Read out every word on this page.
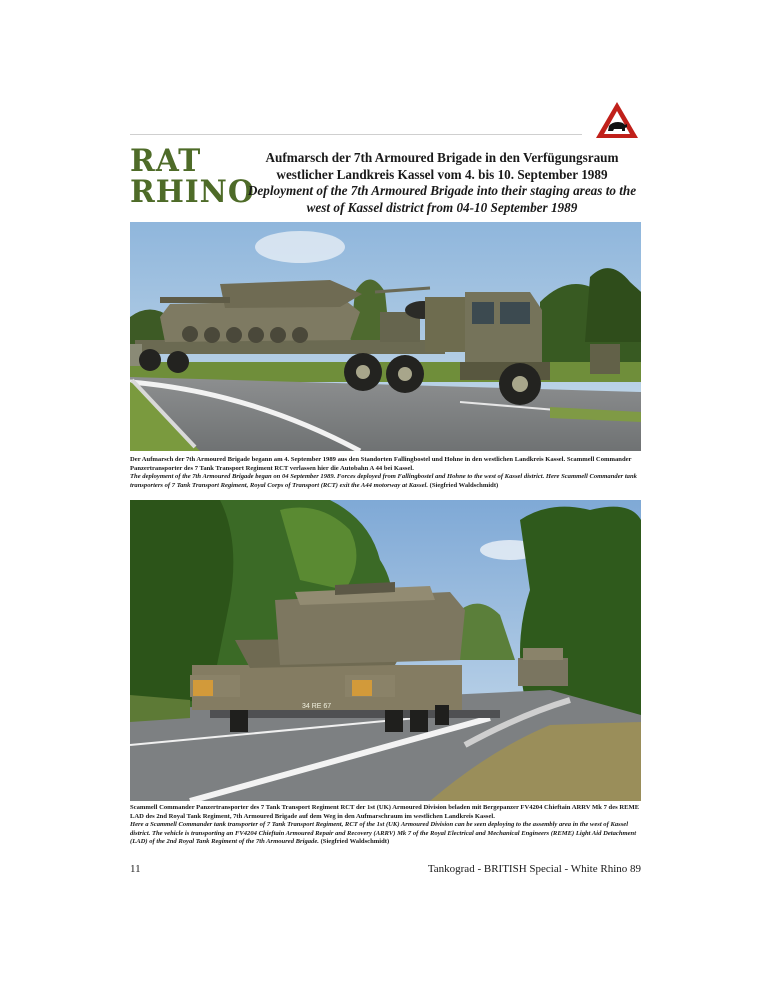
RAT
RHINO
Aufmarsch der 7th Armoured Brigade in den Verfügungsraum westlicher Landkreis Kassel vom 4. bis 10. September 1989
Deployment of the 7th Armoured Brigade into their staging areas to the west of Kassel district from 04-10 September 1989
Der Aufmarsch der 7th Armoured Brigade begann am 4. September 1989 aus den Standorten Fallingbostel und Hohne in den westlichen Landkreis Kassel. Scammell Commander Panzertransporter des 7 Tank Transport Regiment RCT verlassen hier die Autobahn A 44 bei Kassel.
The deployment of the 7th Armoured Brigade began on 04 September 1989. Forces deployed from Fallingbostel and Hohne to the west of Kassel district. Here Scammell Commander tank transporters of 7 Tank Transport Regiment, Royal Corps of Transport (RCT) exit the A44 motorway at Kassel. (Siegfried Waldschmidt)
34 RE 67
Scammell Commander Panzertransporter des 7 Tank Transport Regiment RCT der 1st (UK) Armoured Division beladen mit Bergepanzer FV4204 Chieftain ARRV Mk 7 des REME LAD des 2nd Royal Tank Regiment, 7th Armoured Brigade auf dem Weg in den Aufmarschraum im westlichen Landkreis Kassel.
Here a Scammell Commander tank transporter of 7 Tank Transport Regiment, RCT of the 1st (UK) Armoured Division can be seen deploying to the assembly area in the west of Kassel district. The vehicle is transporting an FV4204 Chieftain Armoured Repair and Recovery (ARRV) Mk 7 of the Royal Electrical and Mechanical Engineers (REME) Light Aid Detachment (LAD) of the 2nd Royal Tank Regiment of the 7th Armoured Brigade. (Siegfried Waldschmidt)
11	Tankograd - BRITISH Special - White Rhino 89
